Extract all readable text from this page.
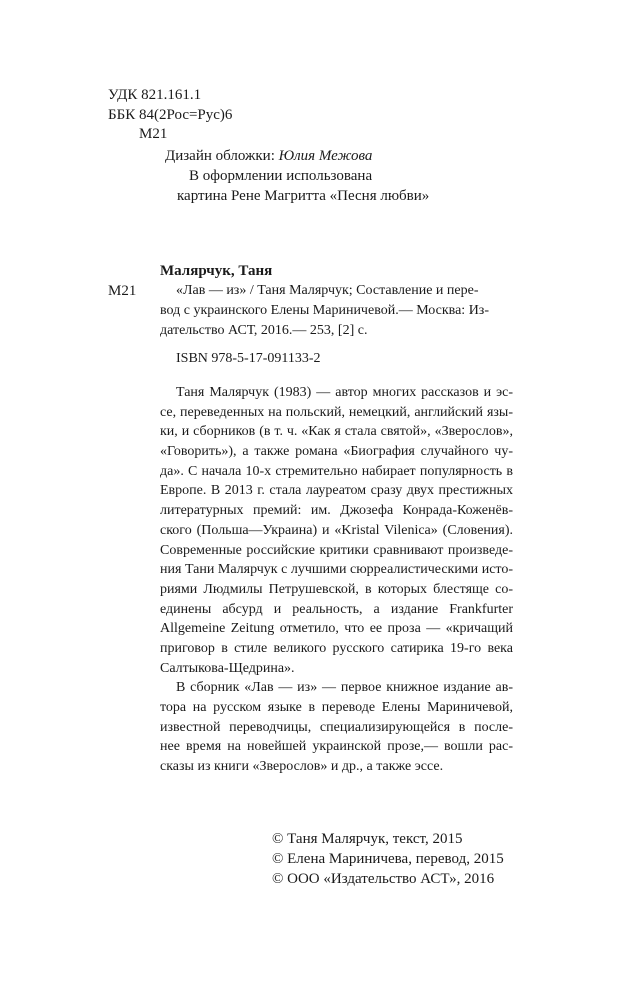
УДК 821.161.1
ББК 84(2Рос=Рус)6
М21
Дизайн обложки: Юлия Межова
В оформлении использована
картина Рене Магритта «Песня любви»
Малярчук, Таня
М21	«Лав — из» / Таня Малярчук; Составление и пере-
вод с украинского Елены Мариничевой.— Москва: Из-
дательство АСТ, 2016.— 253, [2] с.
ISBN 978-5-17-091133-2
Таня Малярчук (1983) — автор многих рассказов и эс-
се, переведенных на польский, немецкий, английский язы-
ки, и сборников (в т. ч. «Как я стала святой», «Зверослов»,
«Говорить»), а также романа «Биография случайного чу-
да». С начала 10-х стремительно набирает популярность в
Европе. В 2013 г. стала лауреатом сразу двух престижных
литературных премий: им. Джозефа Конрада-Коженёв-
ского (Польша—Украина) и «Kristal Vilenica» (Словения).
Современные российские критики сравнивают произведе-
ния Тани Малярчук с лучшими сюрреалистическими исто-
риями Людмилы Петрушевской, в которых блестяще со-
единены абсурд и реальность, а издание Frankfurter
Allgemeine Zeitung отметило, что ее проза — «кричащий
приговор в стиле великого русского сатирика 19-го века
Салтыкова-Щедрина».
В сборник «Лав — из» — первое книжное издание ав-
тора на русском языке в переводе Елены Мариничевой,
известной переводчицы, специализирующейся в после-
нее время на новейшей украинской прозе,— вошли рас-
сказы из книги «Зверослов» и др., а также эссе.
© Таня Малярчук, текст, 2015
© Елена Мариничева, перевод, 2015
© ООО «Издательство АСТ», 2016
